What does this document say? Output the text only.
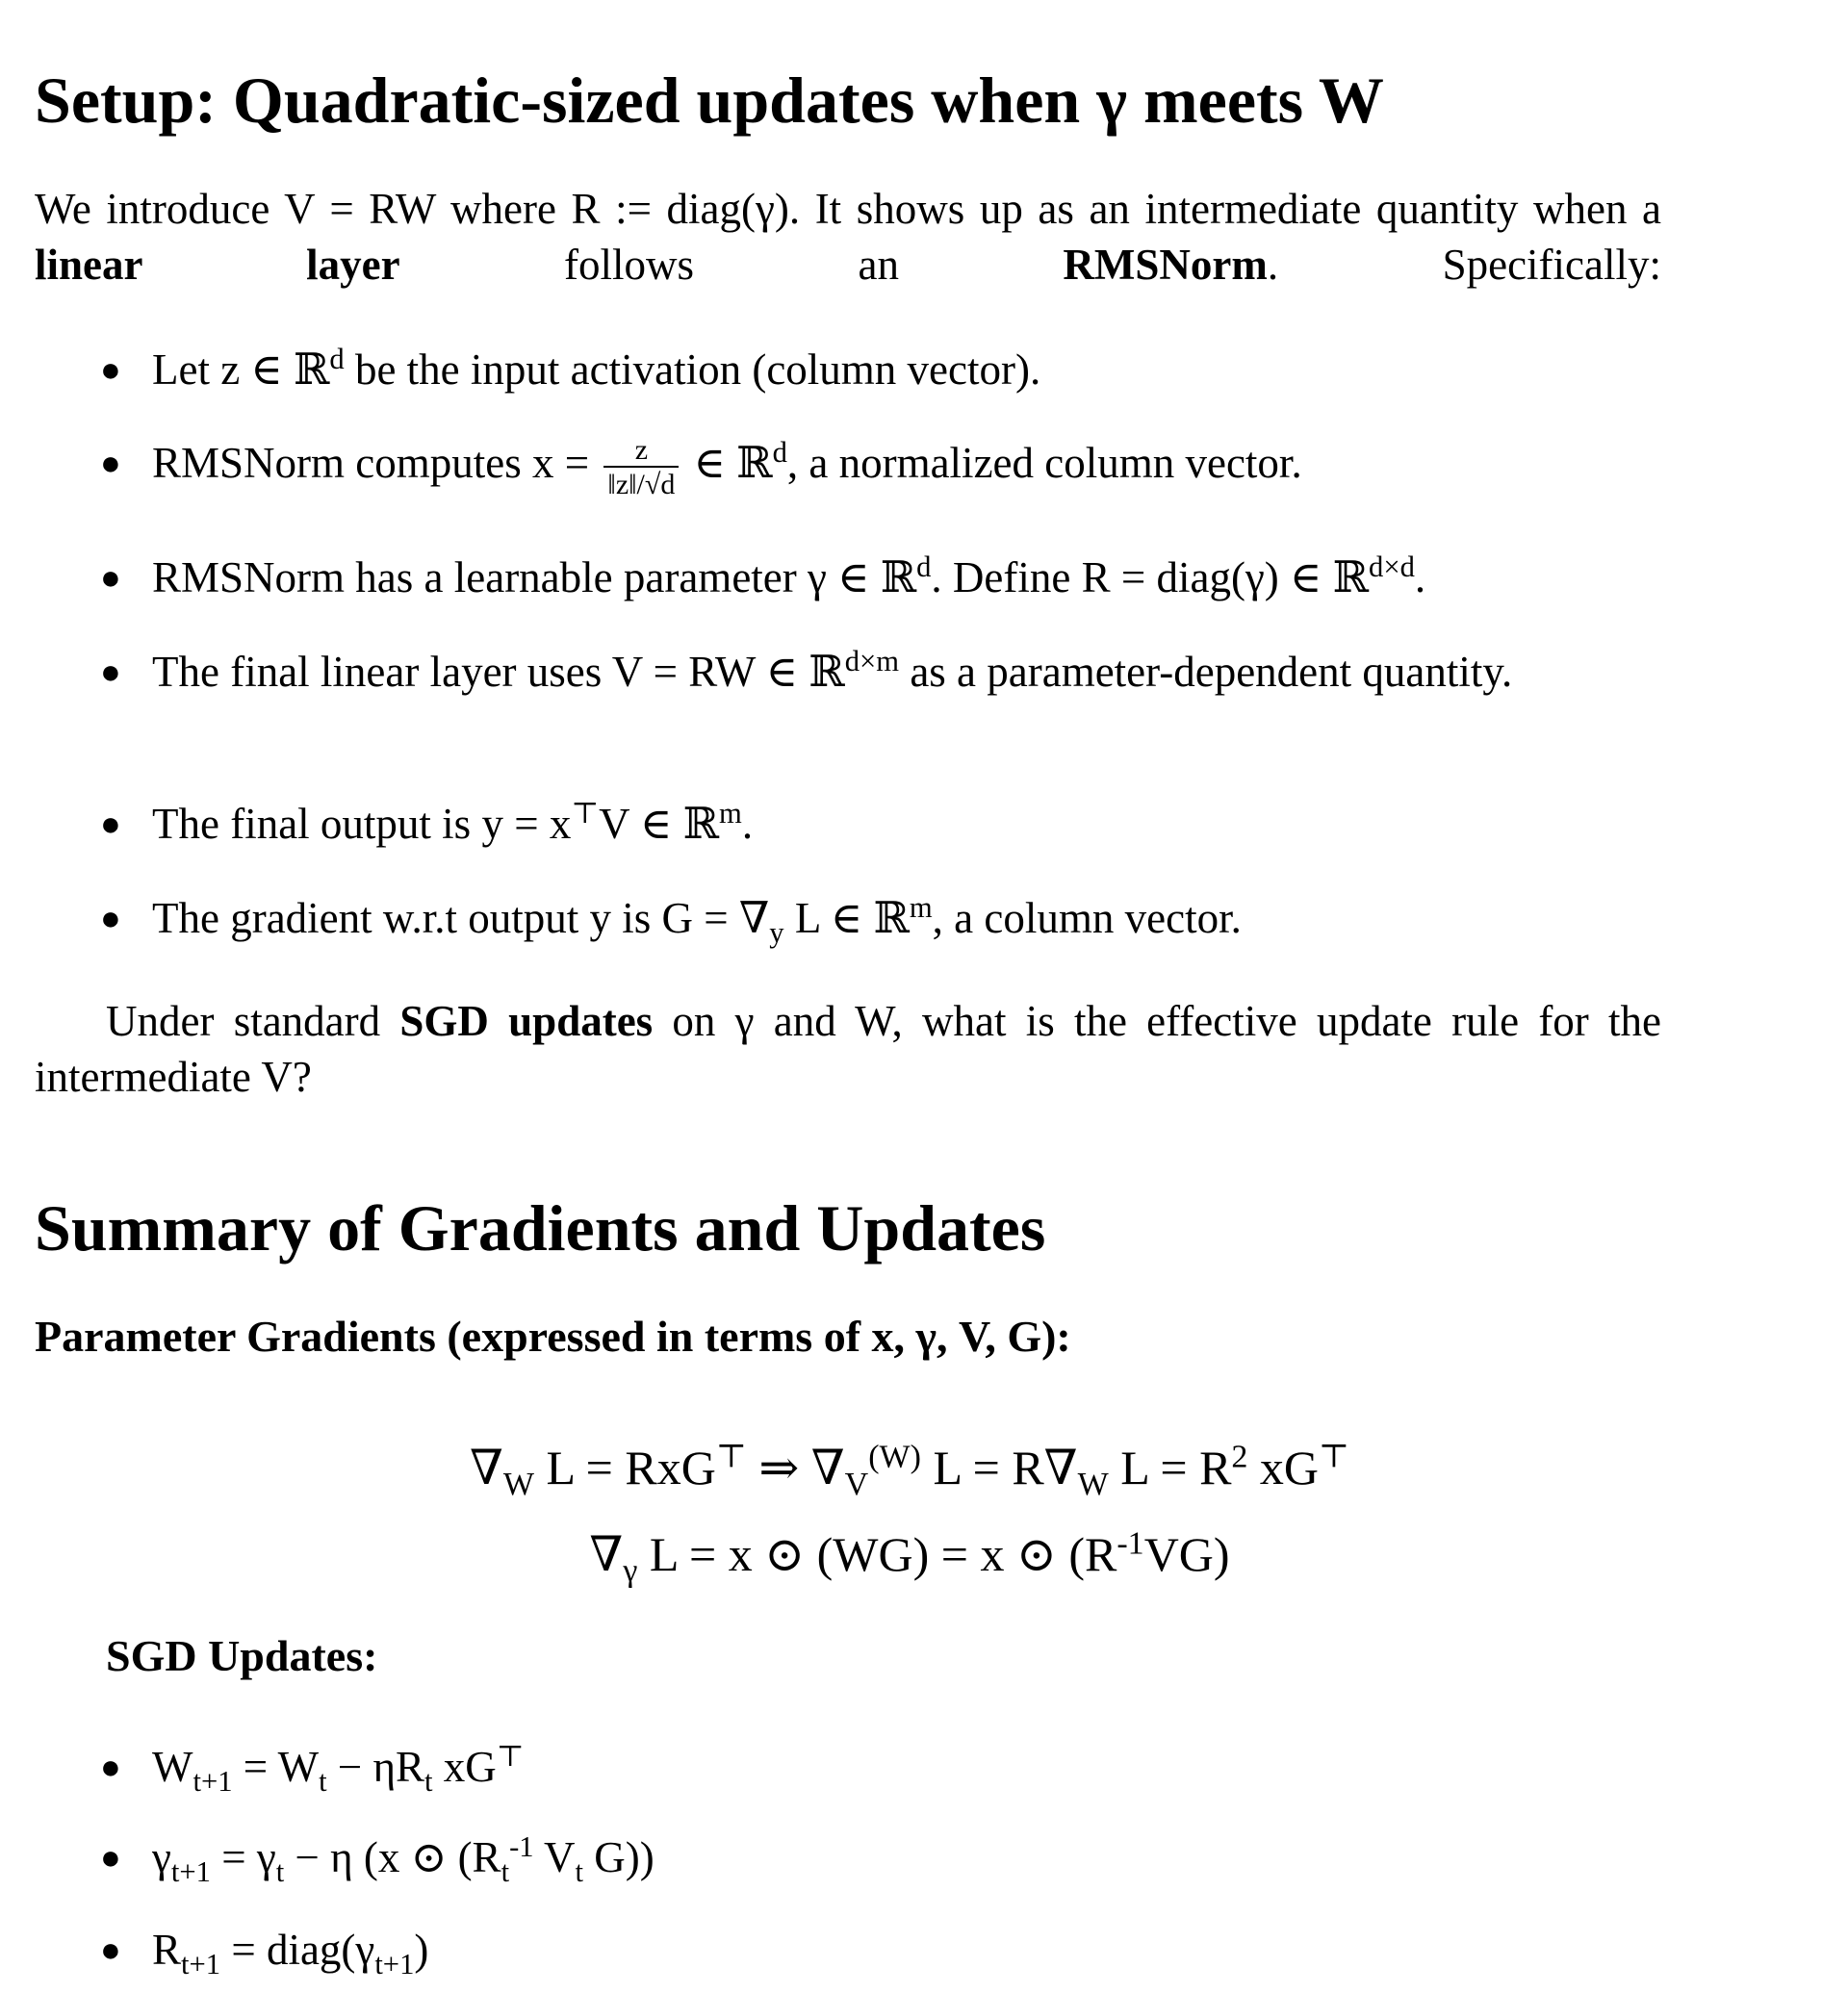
Setup: Quadratic-sized updates when γ meets W

We introduce V = RW where R := diag(γ). It shows up as an intermediate quantity when a linear layer follows an RMSNorm. Specifically:

● Let z ∈ ℝ$^d$ be the input activation (column vector).
● RMSNorm computes $x = \frac{z}{‖z‖/√d}$ ∈ ℝ$^d$, a normalized column vector.
● RMSNorm has a learnable parameter γ ∈ ℝ$^d$. Define R = diag(γ) ∈ ℝ$^{d\times d}$.
● The final linear layer uses V = RW ∈ ℝ$^{d\times m}$ as a parameter-dependent quantity.
● The final output is y = x⊤V ∈ ℝ$^m$.
● The gradient w.r.t output y is $G = \nabla_y$ L ∈ ℝ$^m$, a column vector.

Under standard SGD updates on γ and W, what is the effective update rule for the intermediate V?

Summary of Gradients and Updates
Parameter Gradients (expressed in terms of x, γ, V, G):
$\nabla_W$ L = RxG⊤ ⇒ $\nabla_V^{(W)}$ $L = R\nabla_W$ $L = R^2$ xG⊤
$\nabla_\gamma$ L = x ⊙ (WG) = x ⊙ $(R^{-1}VG)$
SGD Updates:
● $W_{t+1} = W_t - \eta R_t$ xG⊤
● $\gamma_{t+1} = \gamma_t - \eta$ (x ⊙ ($R_t^{-1}$ $V_t$ G))
● $R_{t+1}$ = $diag(\gamma_{t+1})$
